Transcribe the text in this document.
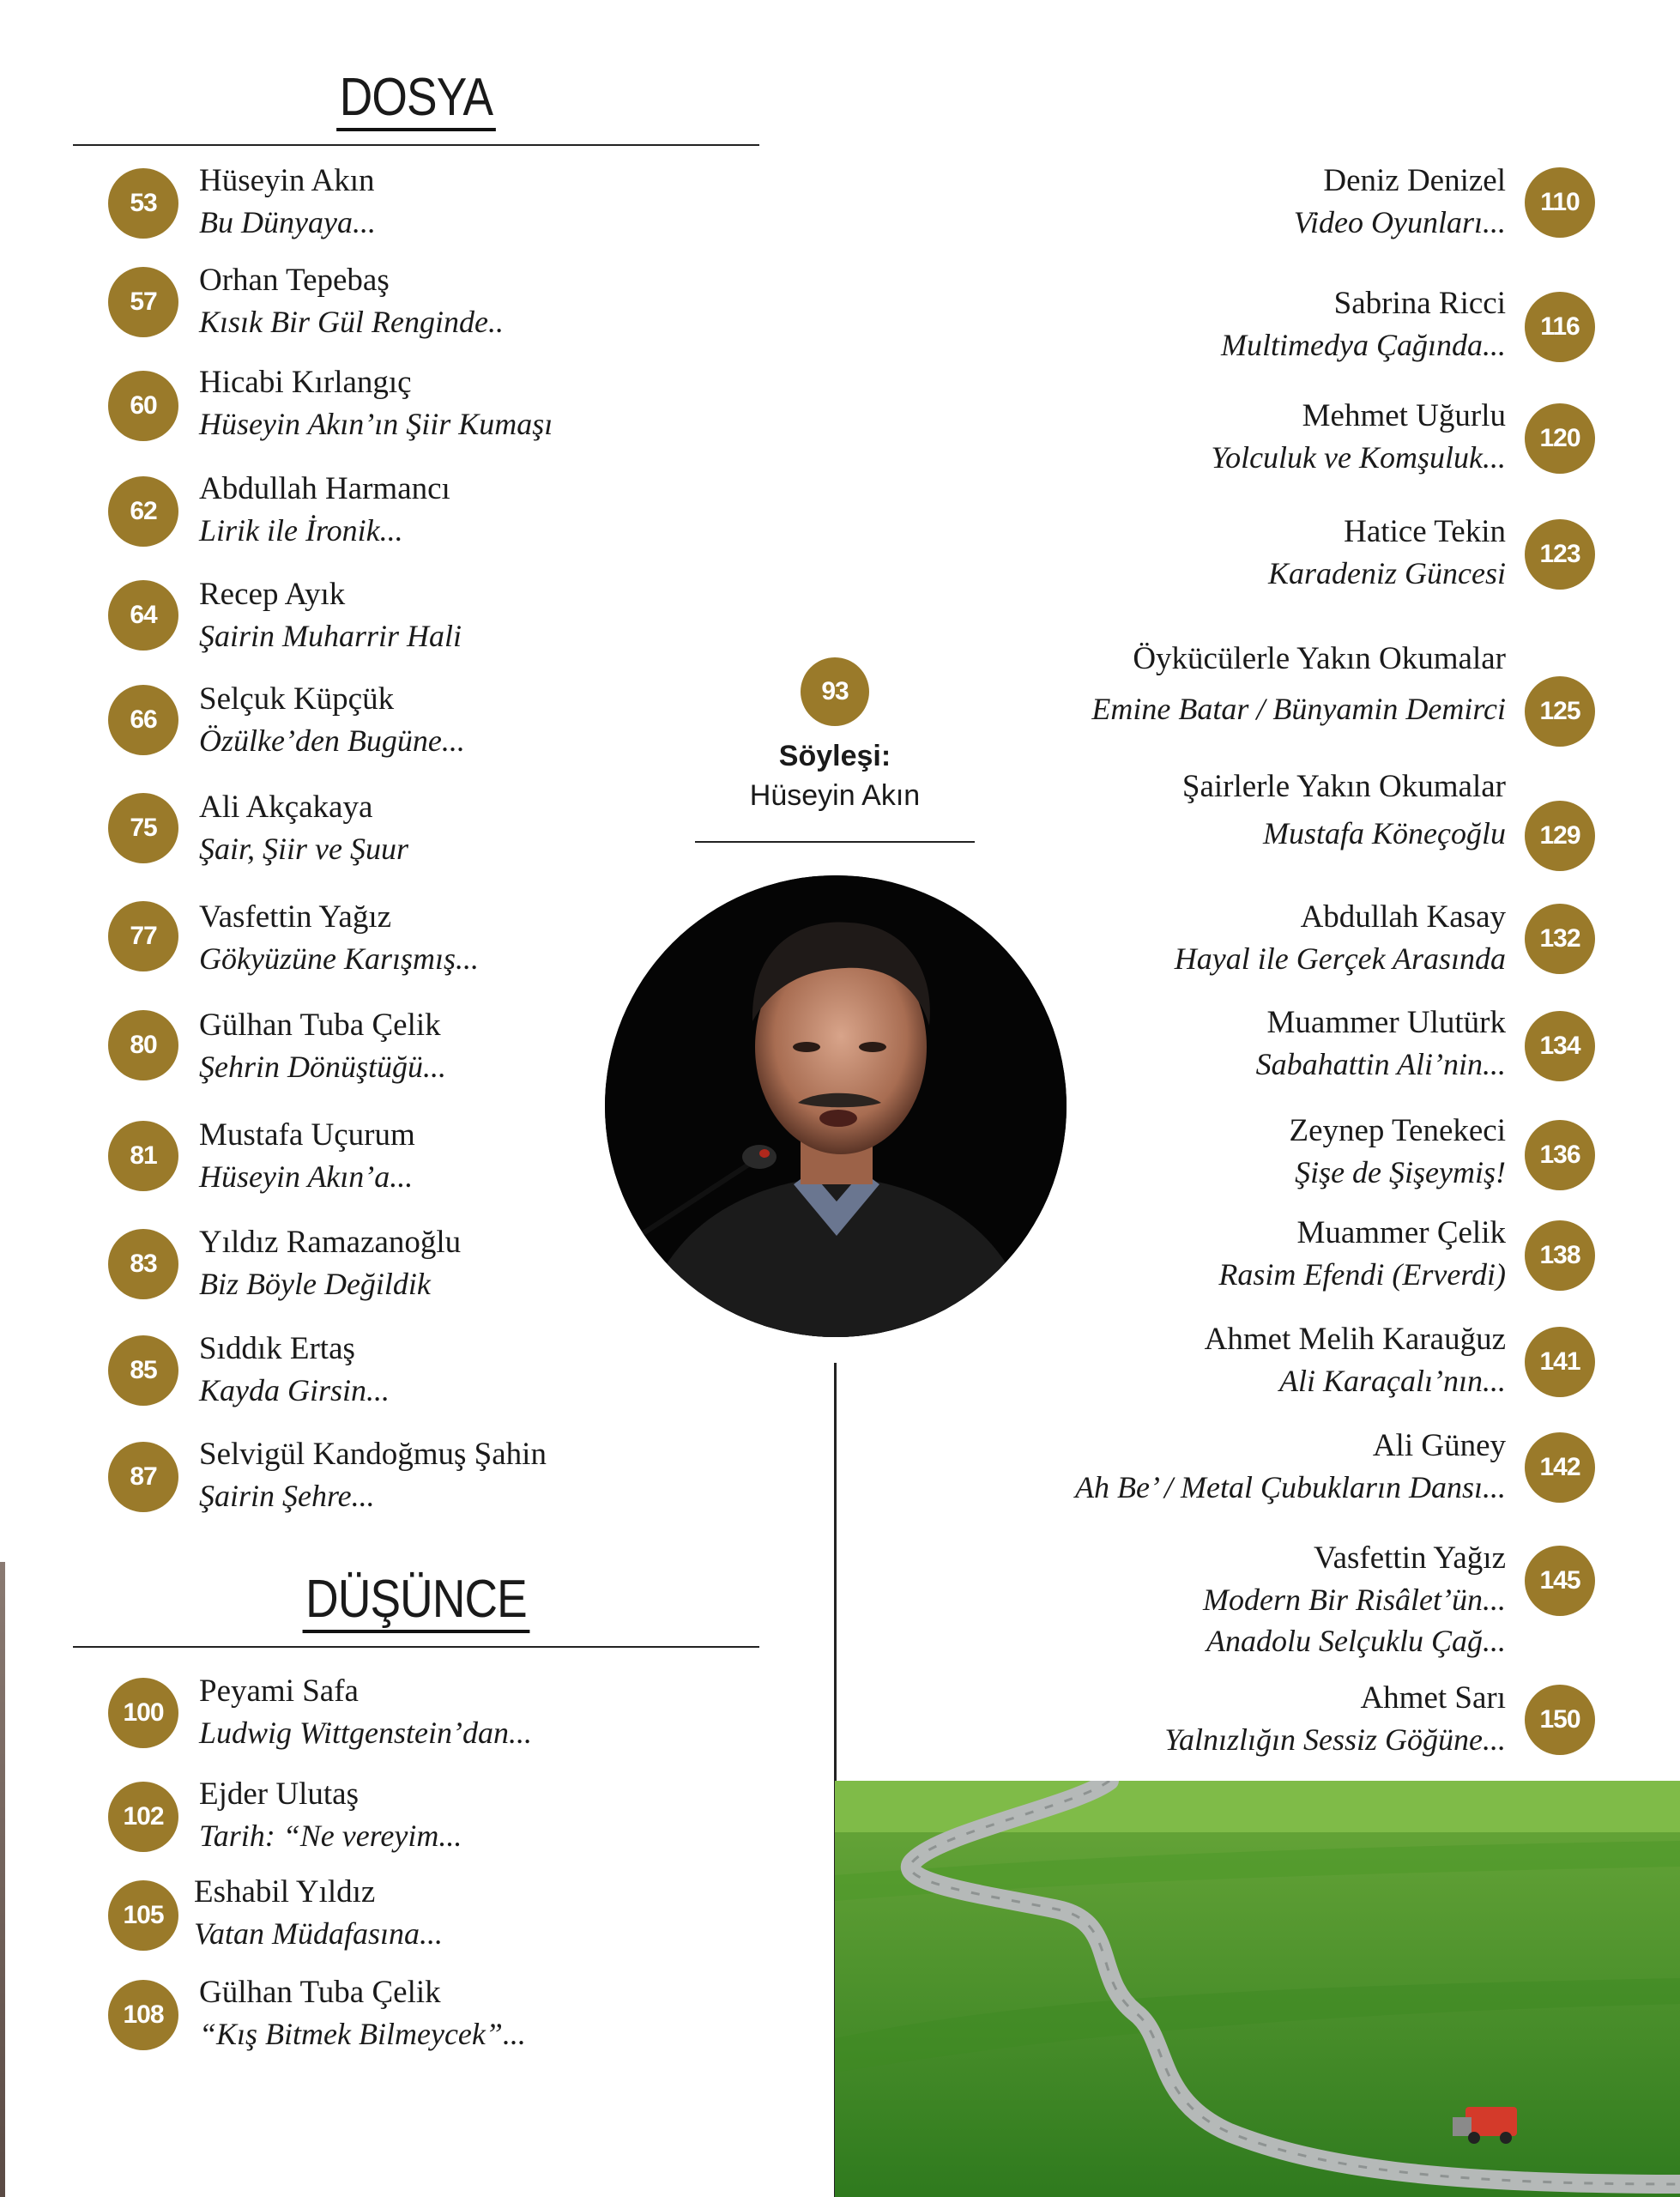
DOSYA
53
Hüseyin Akın
Bu Dünyaya...
57
Orhan Tepebaş
Kısık Bir Gül Renginde..
60
Hicabi Kırlangıç
Hüseyin Akın’ın Şiir Kumaşı
62
Abdullah Harmancı
Lirik ile İronik...
64
Recep Ayık
Şairin Muharrir Hali
66
Selçuk Küpçük
Özülke’den Bugüne...
75
Ali Akçakaya
Şair, Şiir ve Şuur
77
Vasfettin Yağız
Gökyüzüne Karışmış...
80
Gülhan Tuba Çelik
Şehrin Dönüştüğü...
81
Mustafa Uçurum
Hüseyin Akın’a...
83
Yıldız Ramazanoğlu
Biz Böyle Değildik
85
Sıddık Ertaş
Kayda Girsin...
87
Selvigül Kandoğmuş Şahin
Şairin Şehre...
DÜŞÜNCE
100
Peyami Safa
Ludwig Wittgenstein’dan...
102
Ejder Ulutaş
Tarih: “Ne vereyim...
105
Eshabil Yıldız
Vatan Müdafasına...
108
Gülhan Tuba Çelik
“Kış Bitmek Bilmeycek”...
93
Söyleşi:
Hüseyin Akın
110
Deniz Denizel
Video Oyunları...
116
Sabrina Ricci
Multimedya Çağında...
120
Mehmet Uğurlu
Yolculuk ve Komşuluk...
123
Hatice Tekin
Karadeniz Güncesi
125
Öykücülerle Yakın Okumalar
Emine Batar / Bünyamin Demirci
129
Şairlerle Yakın Okumalar
Mustafa Köneçoğlu
132
Abdullah Kasay
Hayal ile Gerçek Arasında
134
Muammer Ulutürk
Sabahattin Ali’nin...
136
Zeynep Tenekeci
Şişe de Şişeymiş!
138
Muammer Çelik
Rasim Efendi (Erverdi)
141
Ahmet Melih Karauğuz
Ali Karaçalı’nın...
142
Ali Güney
Ah Be’ / Metal Çubukların Dansı...
145
Vasfettin Yağız
Modern Bir Risâlet’ün...
Anadolu Selçuklu Çağ...
150
Ahmet Sarı
Yalnızlığın Sessiz Göğüne...
